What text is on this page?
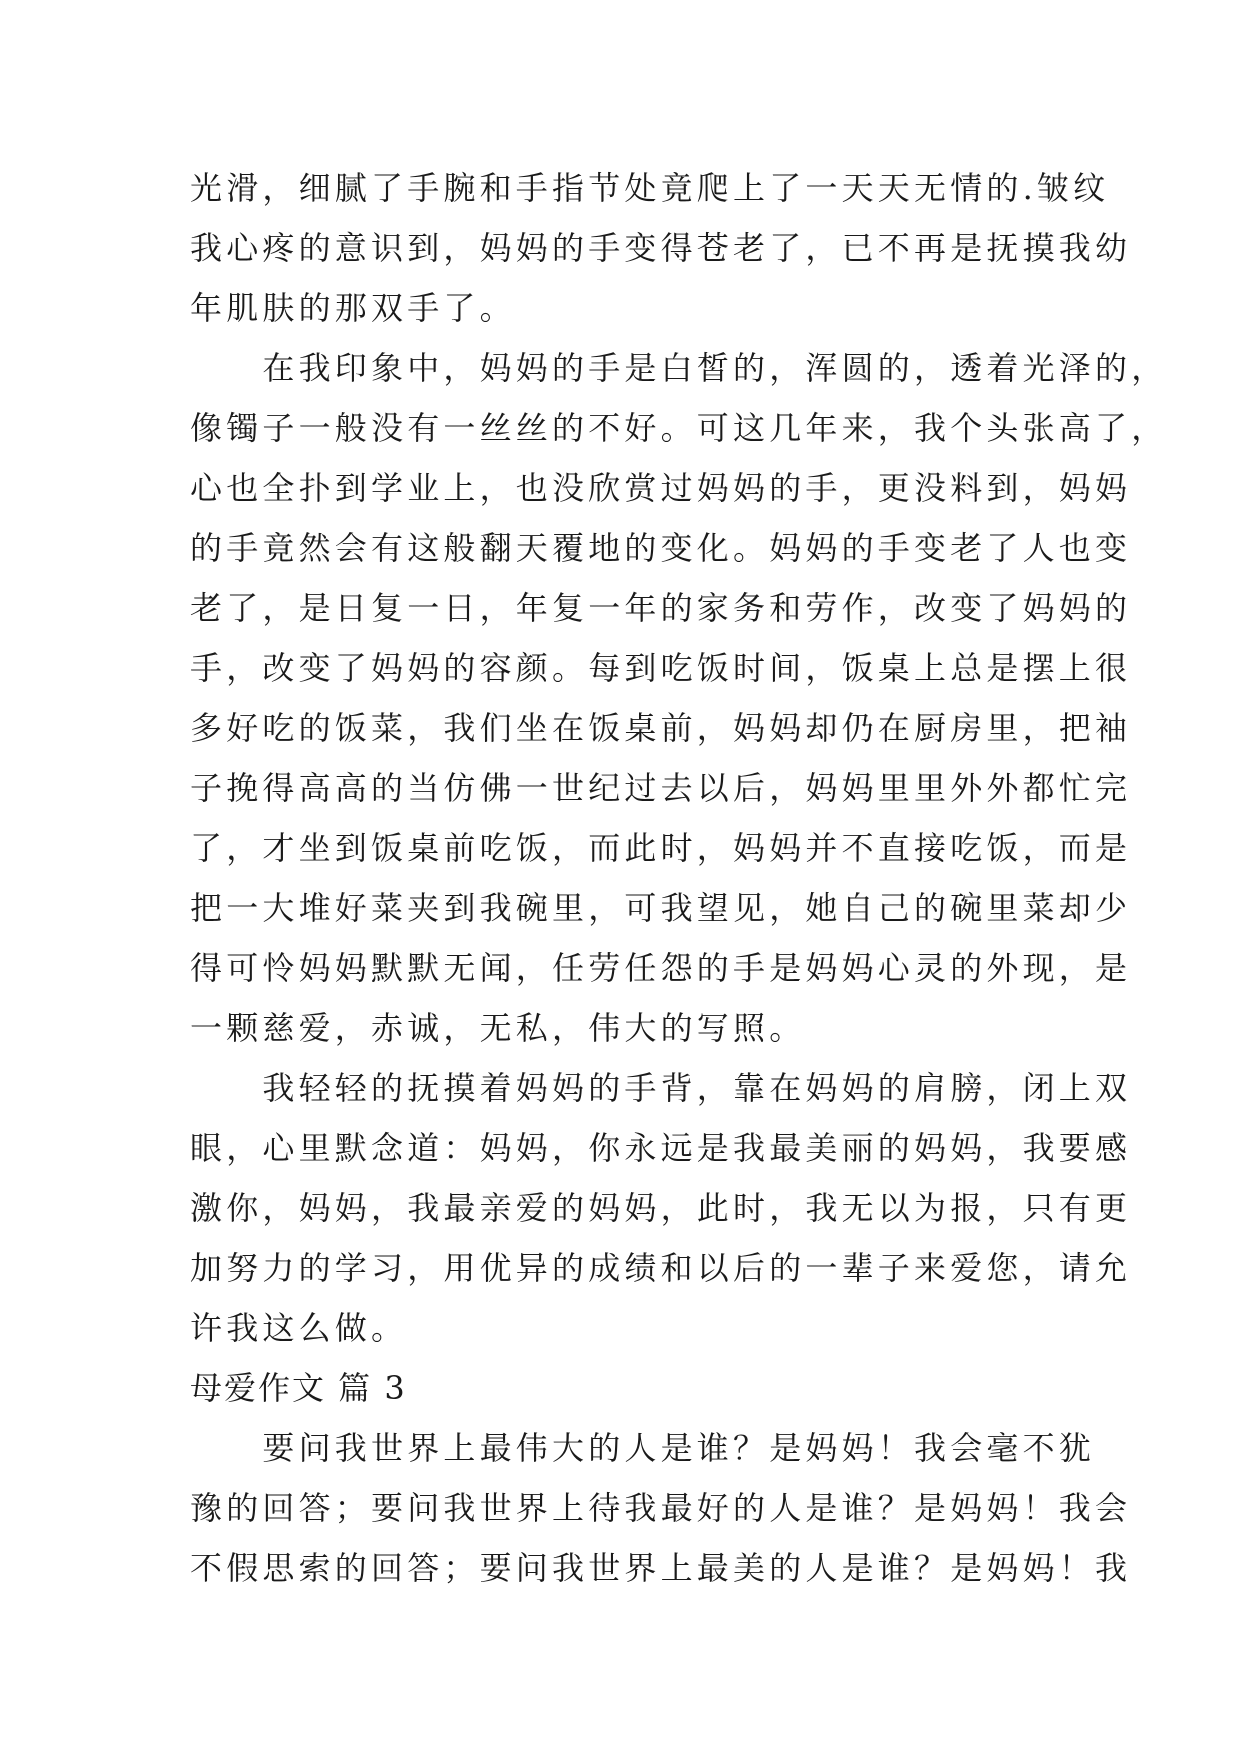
光滑，细腻了手腕和手指节处竟爬上了一天天无情的.皱纹
我心疼的意识到，妈妈的手变得苍老了，已不再是抚摸我幼
年肌肤的那双手了。
　　在我印象中，妈妈的手是白皙的，浑圆的，透着光泽的，
像镯子一般没有一丝丝的不好。可这几年来，我个头张高了，
心也全扑到学业上，也没欣赏过妈妈的手，更没料到，妈妈
的手竟然会有这般翻天覆地的变化。妈妈的手变老了人也变
老了，是日复一日，年复一年的家务和劳作，改变了妈妈的
手，改变了妈妈的容颜。每到吃饭时间，饭桌上总是摆上很
多好吃的饭菜，我们坐在饭桌前，妈妈却仍在厨房里，把袖
子挽得高高的当仿佛一世纪过去以后，妈妈里里外外都忙完
了，才坐到饭桌前吃饭，而此时，妈妈并不直接吃饭，而是
把一大堆好菜夹到我碗里，可我望见，她自己的碗里菜却少
得可怜妈妈默默无闻，任劳任怨的手是妈妈心灵的外现，是
一颗慈爱，赤诚，无私，伟大的写照。
　　我轻轻的抚摸着妈妈的手背，靠在妈妈的肩膀，闭上双
眼，心里默念道：妈妈，你永远是我最美丽的妈妈，我要感
激你，妈妈，我最亲爱的妈妈，此时，我无以为报，只有更
加努力的学习，用优异的成绩和以后的一辈子来爱您，请允
许我这么做。
母爱作文 篇 3
　　要问我世界上最伟大的人是谁？是妈妈！我会毫不犹
豫的回答；要问我世界上待我最好的人是谁？是妈妈！我会
不假思索的回答；要问我世界上最美的人是谁？是妈妈！我
